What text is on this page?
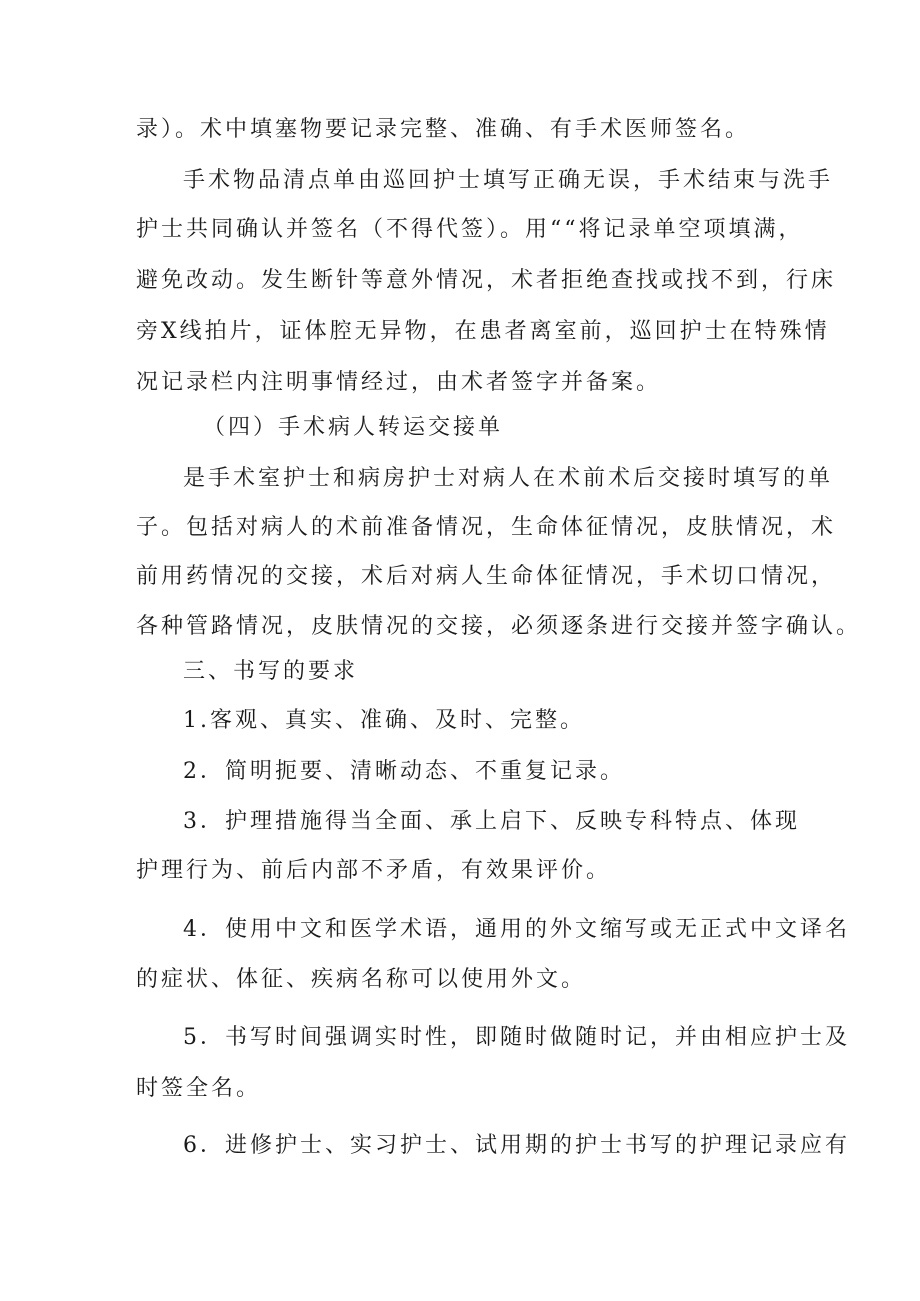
录）。术中填塞物要记录完整、准确、有手术医师签名。
手术物品清点单由巡回护士填写正确无误，手术结束与洗手
护士共同确认并签名（不得代签）。用““将记录单空项填满，
避免改动。发生断针等意外情况，术者拒绝查找或找不到，行床
旁X线拍片，证体腔无异物，在患者离室前，巡回护士在特殊情
况记录栏内注明事情经过，由术者签字并备案。
（四）手术病人转运交接单
是手术室护士和病房护士对病人在术前术后交接时填写的单
子。包括对病人的术前准备情况，生命体征情况，皮肤情况，术
前用药情况的交接，术后对病人生命体征情况，手术切口情况，
各种管路情况，皮肤情况的交接，必须逐条进行交接并签字确认。
三、书写的要求
1.客观、真实、准确、及时、完整。
2．简明扼要、清晰动态、不重复记录。
3．护理措施得当全面、承上启下、反映专科特点、体现
护理行为、前后内部不矛盾，有效果评价。
4．使用中文和医学术语，通用的外文缩写或无正式中文译名
的症状、体征、疾病名称可以使用外文。
5．书写时间强调实时性，即随时做随时记，并由相应护士及
时签全名。
6．进修护士、实习护士、试用期的护士书写的护理记录应有
